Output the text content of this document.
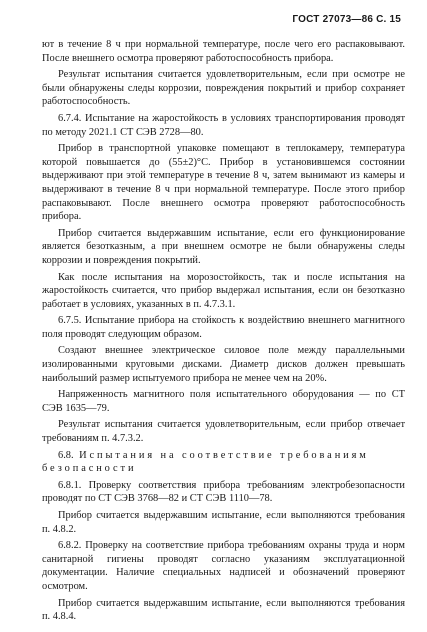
ГОСТ 27073—86 С. 15

ют в течение 8 ч при нормальной температуре, после чего его распаковывают. После внешнего осмотра проверяют работоспособность прибора.

Результат испытания считается удовлетворительным, если при осмотре не были обнаружены следы коррозии, повреждения покрытий и прибор сохраняет работоспособность.

6.7.4. Испытание на жаростойкость в условиях транспортирования проводят по методу 2021.1 СТ СЭВ 2728—80.

Прибор в транспортной упаковке помещают в теплокамеру, температура которой повышается до (55±2)°С. Прибор в установившемся состоянии выдерживают при этой температуре в течение 8 ч, затем вынимают из камеры и выдерживают в течение 8 ч при нормальной температуре. После этого прибор распаковывают. После внешнего осмотра проверяют работоспособность прибора.

Прибор считается выдержавшим испытание, если его функционирование является безотказным, а при внешнем осмотре не были обнаружены следы коррозии и повреждения покрытий.

Как после испытания на морозостойкость, так и после испытания на жаростойкость считается, что прибор выдержал испытания, если он безотказно работает в условиях, указанных в п. 4.7.3.1.

6.7.5. Испытание прибора на стойкость к воздействию внешнего магнитного поля проводят следующим образом.

Создают внешнее электрическое силовое поле между параллельными изолированными круговыми дисками. Диаметр дисков должен превышать наибольший размер испытуемого прибора не менее чем на 20%.

Напряженность магнитного поля испытательного оборудования — по СТ СЭВ 1635—79.

Результат испытания считается удовлетворительным, если прибор отвечает требованиям п. 4.7.3.2.

6.8. Испытания на соответствие требованиям
безопасности

6.8.1. Проверку соответствия прибора требованиям электробезопасности проводят по СТ СЭВ 3768—82 и СТ СЭВ 1110—78.

Прибор считается выдержавшим испытание, если выполняются требования п. 4.8.2.

6.8.2. Проверку на соответствие прибора требованиям охраны труда и норм санитарной гигиены проводят согласно указаниям эксплуатационной документации. Наличие специальных надписей и обозначений проверяют осмотром.

Прибор считается выдержавшим испытание, если выполняются требования п. 4.8.4.
